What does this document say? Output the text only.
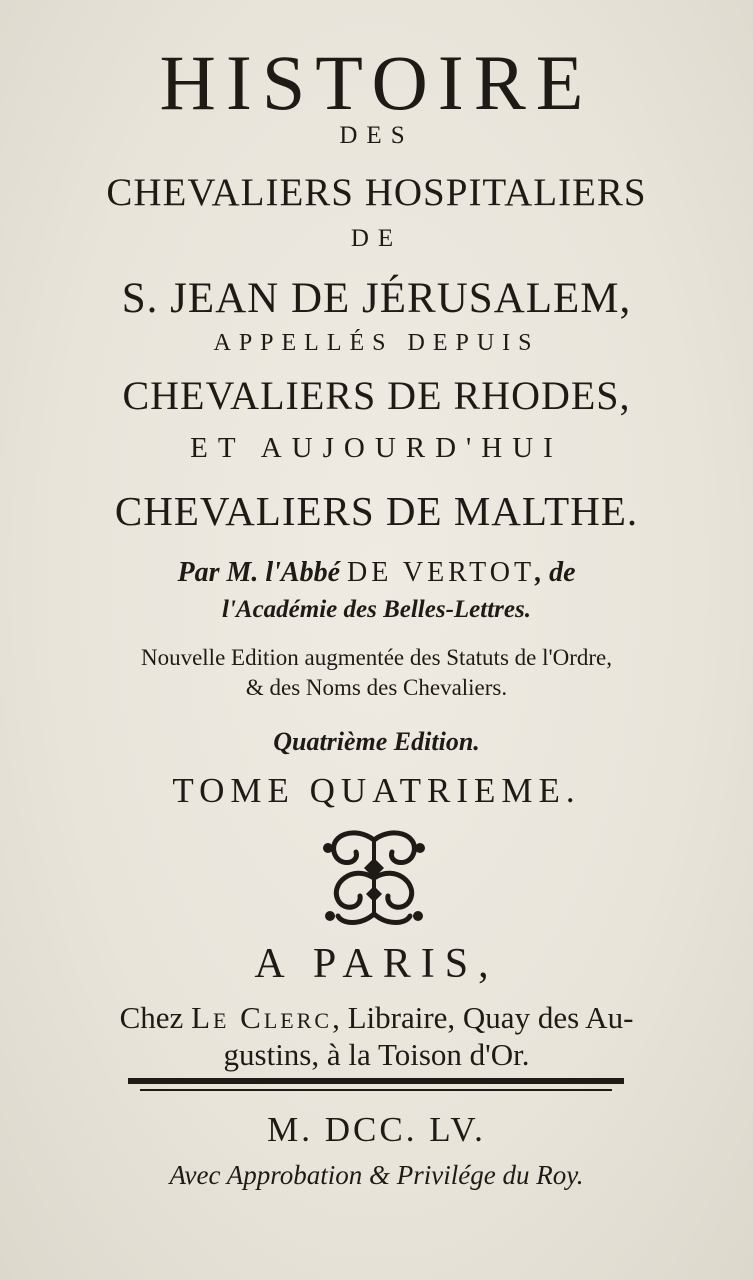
HISTOIRE
DES
CHEVALIERS HOSPITALIERS
DE
S. JEAN DE JÉRUSALEM,
APPELLÉS DEPUIS
CHEVALIERS DE RHODES,
ET AUJOURD'HUI
CHEVALIERS DE MALTHE.
Par M. l'Abbé DE VERTOT, de
l'Académie des Belles-Lettres.
Nouvelle Edition augmentée des Statuts de l'Ordre,
& des Noms des Chevaliers.
Quatrième Edition.
TOME QUATRIEME.
A PARIS,
Chez Le Clerc, Libraire, Quay des Au-
gustins, à la Toison d'Or.
M. DCC. LV.
Avec Approbation & Privilége du Roy.
